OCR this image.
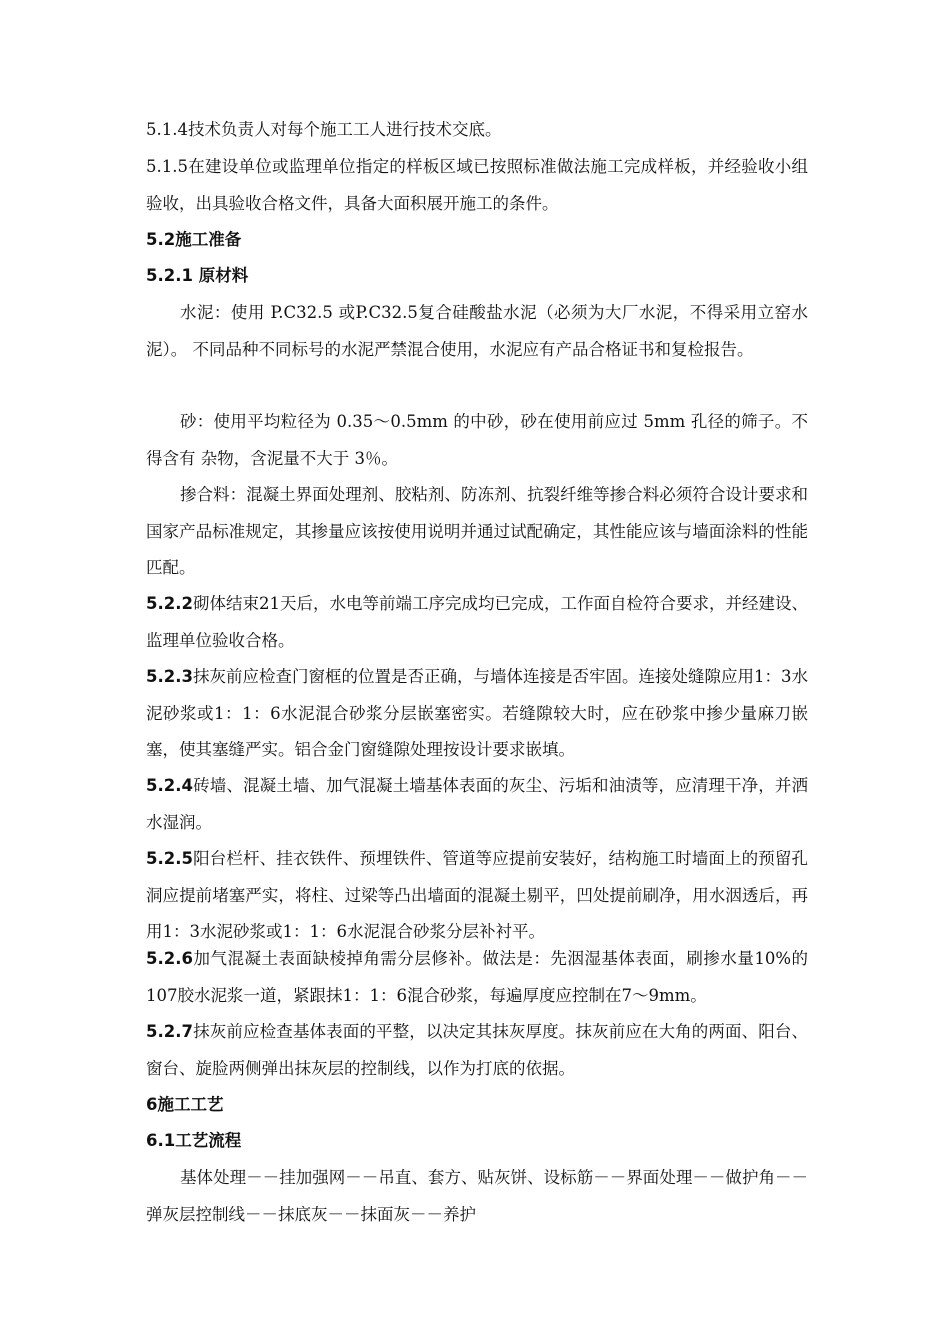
5.1.4技术负责人对每个施工工人进行技术交底。

5.1.5在建设单位或监理单位指定的样板区域已按照标准做法施工完成样板，并经验收小组验收，出具验收合格文件，具备大面积展开施工的条件。

5.2施工准备

5.2.1 原材料

水泥：使用 P.C32.5 或P.C32.5复合硅酸盐水泥（必须为大厂水泥，不得采用立窑水泥）。 不同品种不同标号的水泥严禁混合使用，水泥应有产品合格证书和复检报告。

砂：使用平均粒径为 0.35～0.5mm 的中砂，砂在使用前应过 5mm 孔径的筛子。不得含有 杂物，含泥量不大于 3％。

掺合料：混凝土界面处理剂、胶粘剂、防冻剂、抗裂纤维等掺合料必须符合设计要求和 国家产品标准规定，其掺量应该按使用说明并通过试配确定，其性能应该与墙面涂料的性能匹配。

5.2.2砌体结束21天后，水电等前端工序完成均已完成，工作面自检符合要求，并经建设、监理单位验收合格。

5.2.3抹灰前应检查门窗框的位置是否正确，与墙体连接是否牢固。连接处缝隙应用1：3水泥砂浆或1：1：6水泥混合砂浆分层嵌塞密实。若缝隙较大时，应在砂浆中掺少量麻刀嵌塞，使其塞缝严实。铝合金门窗缝隙处理按设计要求嵌填。

5.2.4砖墙、混凝土墙、加气混凝土墙基体表面的灰尘、污垢和油渍等，应清理干净，并洒水湿润。

5.2.5阳台栏杆、挂衣铁件、预埋铁件、管道等应提前安装好，结构施工时墙面上的预留孔洞应提前堵塞严实，将柱、过梁等凸出墙面的混凝土剔平，凹处提前刷净，用水洇透后，再用1：3水泥砂浆或1：1：6水泥混合砂浆分层补衬平。

5.2.6加气混凝土表面缺棱掉角需分层修补。做法是：先洇湿基体表面，刷掺水量10%的107胶水泥浆一道，紧跟抹1：1：6混合砂浆，每遍厚度应控制在7～9mm。

5.2.7抹灰前应检查基体表面的平整，以决定其抹灰厚度。抹灰前应在大角的两面、阳台、窗台、旋脸两侧弹出抹灰层的控制线，以作为打底的依据。

6施工工艺

6.1工艺流程

基体处理－－挂加强网－－吊直、套方、贴灰饼、设标筋－－界面处理－－做护角－－ 弹灰层控制线－－抹底灰－－抹面灰－－养护
